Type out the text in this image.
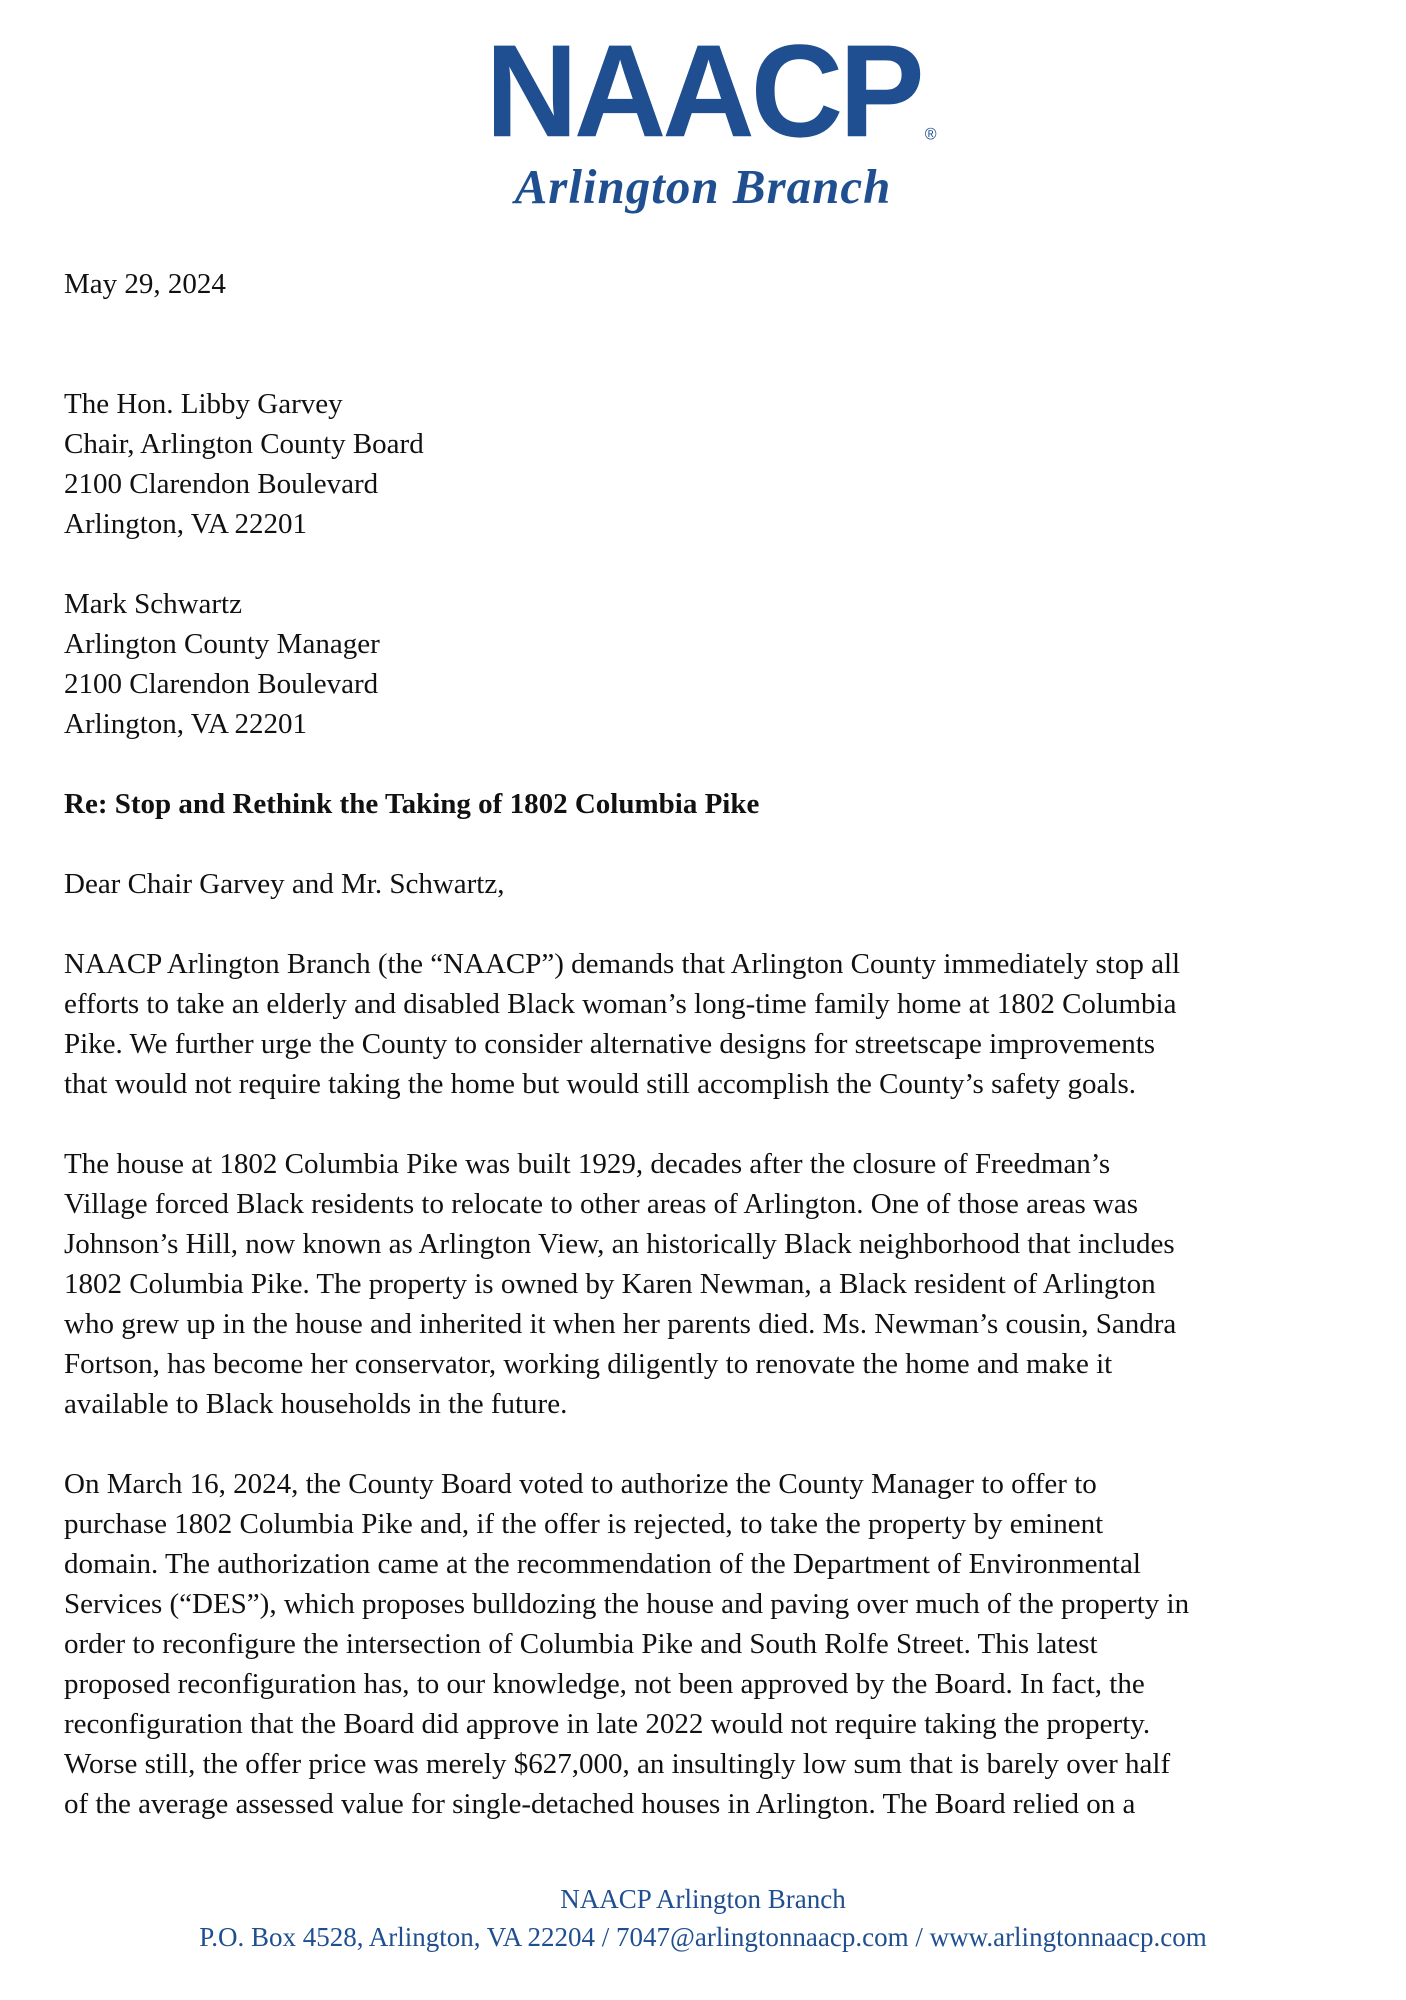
NAACP ®
Arlington Branch
May 29, 2024
The Hon. Libby Garvey
Chair, Arlington County Board
2100 Clarendon Boulevard
Arlington, VA 22201
Mark Schwartz
Arlington County Manager
2100 Clarendon Boulevard
Arlington, VA 22201
Re: Stop and Rethink the Taking of 1802 Columbia Pike
Dear Chair Garvey and Mr. Schwartz,
NAACP Arlington Branch (the “NAACP”) demands that Arlington County immediately stop all
efforts to take an elderly and disabled Black woman’s long-time family home at 1802 Columbia
Pike. We further urge the County to consider alternative designs for streetscape improvements
that would not require taking the home but would still accomplish the County’s safety goals.
The house at 1802 Columbia Pike was built 1929, decades after the closure of Freedman’s
Village forced Black residents to relocate to other areas of Arlington. One of those areas was
Johnson’s Hill, now known as Arlington View, an historically Black neighborhood that includes
1802 Columbia Pike. The property is owned by Karen Newman, a Black resident of Arlington
who grew up in the house and inherited it when her parents died. Ms. Newman’s cousin, Sandra
Fortson, has become her conservator, working diligently to renovate the home and make it
available to Black households in the future.
On March 16, 2024, the County Board voted to authorize the County Manager to offer to
purchase 1802 Columbia Pike and, if the offer is rejected, to take the property by eminent
domain. The authorization came at the recommendation of the Department of Environmental
Services (“DES”), which proposes bulldozing the house and paving over much of the property in
order to reconfigure the intersection of Columbia Pike and South Rolfe Street. This latest
proposed reconfiguration has, to our knowledge, not been approved by the Board. In fact, the
reconfiguration that the Board did approve in late 2022 would not require taking the property.
Worse still, the offer price was merely $627,000, an insultingly low sum that is barely over half
of the average assessed value for single-detached houses in Arlington. The Board relied on a
NAACP Arlington Branch
P.O. Box 4528, Arlington, VA 22204 / 7047@arlingtonnaacp.com / www.arlingtonnaacp.com
